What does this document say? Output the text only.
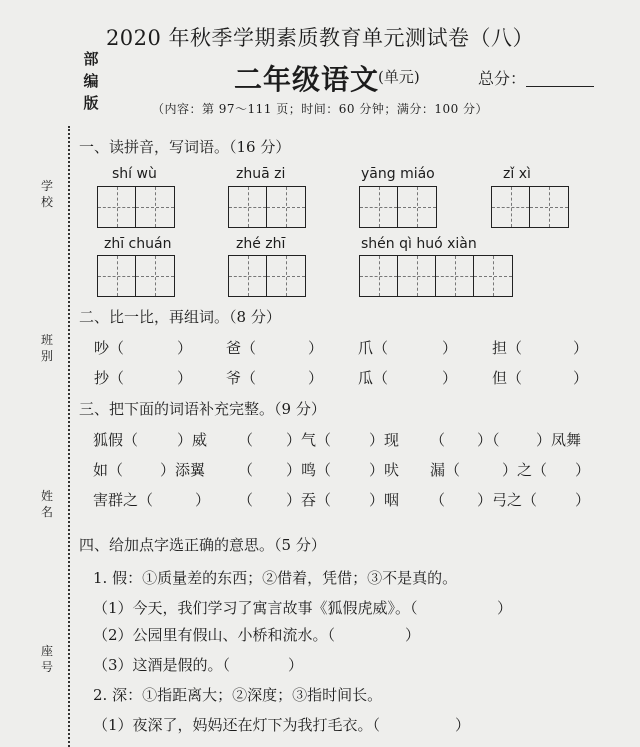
2020 年秋季学期素质教育单元测试卷（八）
部编版
二年级语文
(单元)	总分：
（内容：第 97～111 页；时间：60 分钟；满分：100 分）
学校
班别
姓名
座号
一、读拼音，写词语。（16 分）
shí wù	zhuā zi	yāng miáo	zǐ xì
zhī chuán	zhé zhī	shén qì huó xiàn
二、比一比，再组词。（8 分）
吵（	） 爸（	） 爪（	） 担（	）
抄（	） 爷（	） 瓜（	） 但（	）
三、把下面的词语补充完整。（9 分）
狐假（	）威 （ ）气（	）现 （ ）（ ）凤舞
如（ ）添翼 （ ）鸣（	）吠 漏（	）之（ ）
害群之（	） （ ）吞（	）咽 （ ）弓之（	）
四、给加点字选正确的意思。（5 分）
1. 假：①质量差的东西；②借着，凭借；③不是真的。
（1）今天，我们学习了寓言故事《狐假虎威》。（	）
（2）公园里有假山、小桥和流水。（	）
（3）这酒是假的。（	）
2. 深：①指距离大；②深度；③指时间长。
（1）夜深了，妈妈还在灯下为我打毛衣。（	）
